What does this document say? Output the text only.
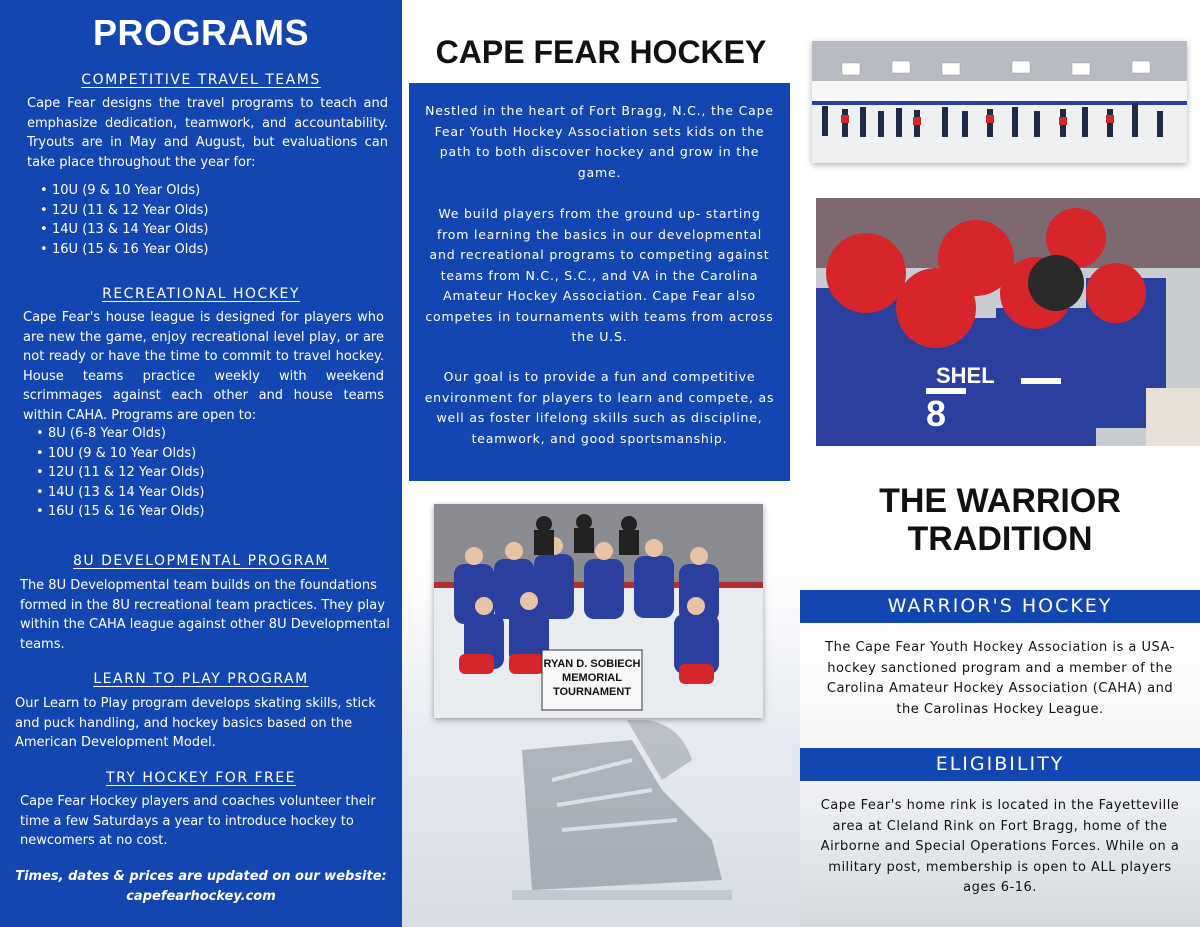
PROGRAMS
COMPETITIVE TRAVEL TEAMS

Cape Fear designs the travel programs to teach and emphasize dedication, teamwork, and accountability. Tryouts are in May and August, but evaluations can take place throughout the year for:

• 10U (9 & 10 Year Olds)
• 12U (11 & 12 Year Olds)
• 14U (13 & 14 Year Olds)
• 16U (15 & 16 Year Olds)
RECREATIONAL HOCKEY

Cape Fear's house league is designed for players who are new the game, enjoy recreational level play, or are not ready or have the time to commit to travel hockey. House teams practice weekly with weekend scrimmages against each other and house teams within CAHA. Programs are open to:

• 8U (6-8 Year Olds)
• 10U (9 & 10 Year Olds)
• 12U (11 & 12 Year Olds)
• 14U (13 & 14 Year Olds)
• 16U (15 & 16 Year Olds)
8U DEVELOPMENTAL PROGRAM

The 8U Developmental team builds on the foundations formed in the 8U recreational team practices. They play within the CAHA league against other 8U Developmental teams.

LEARN TO PLAY PROGRAM

Our Learn to Play program develops skating skills, stick and puck handling, and hockey basics based on the American Development Model.

TRY HOCKEY FOR FREE

Cape Fear Hockey players and coaches volunteer their time a few Saturdays a year to introduce hockey to newcomers at no cost.

Times, dates & prices are updated on our website:
capefearhockey.com
CAPE FEAR HOCKEY

Nestled in the heart of Fort Bragg, N.C., the Cape Fear Youth Hockey Association sets kids on the path to both discover hockey and grow in the game.

We build players from the ground up- starting from learning the basics in our developmental and recreational programs to competing against teams from N.C., S.C., and VA in the Carolina Amateur Hockey Association. Cape Fear also competes in tournaments with teams from across the U.S.

Our goal is to provide a fun and competitive environment for players to learn and compete, as well as foster lifelong skills such as discipline, teamwork, and good sportsmanship.

RYAN D. SOBIECH
MEMORIAL
TOURNAMENT
SHEL
8
THE WARRIOR
TRADITION
WARRIOR'S HOCKEY

The Cape Fear Youth Hockey Association is a USA-hockey sanctioned program and a member of the Carolina Amateur Hockey Association (CAHA) and the Carolinas Hockey League.

ELIGIBILITY

Cape Fear's home rink is located in the Fayetteville area at Cleland Rink on Fort Bragg, home of the Airborne and Special Operations Forces. While on a military post, membership is open to ALL players ages 6-16.
